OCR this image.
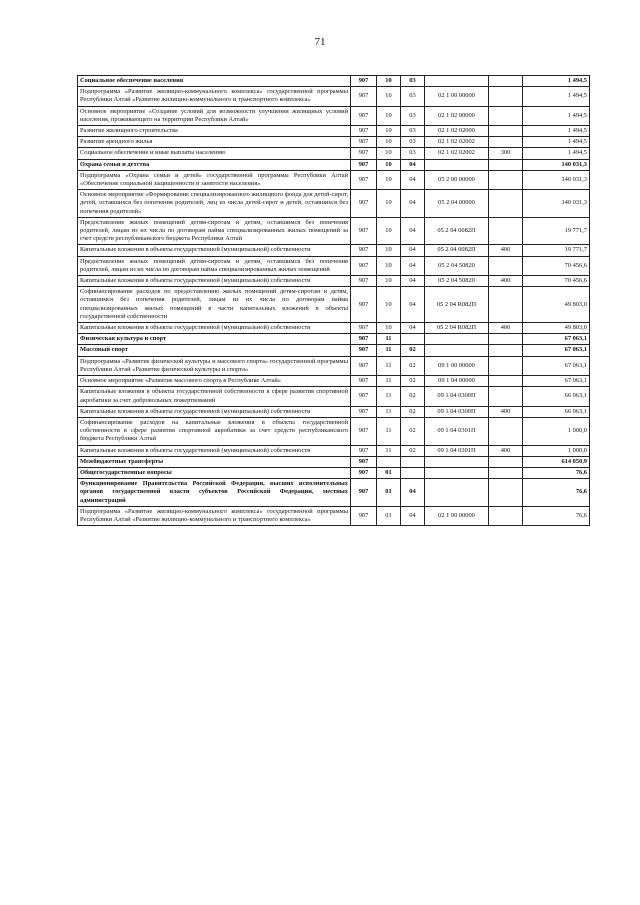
71
Социальное обеспечение населения	907	10	03			1 494,5
Подпрограмма «Развитие жилищно-коммунального комплекса» государственной программы Республики Алтай «Развитие жилищно-коммунального и транспортного комплекса»	907	10	03	02 1 00 00000		1 494,5
Основное мероприятие «Создание условий для возможности улучшения жилищных условий населения, проживающего на территории Республики Алтай»	907	10	03	02 1 02 00000		1 494,5
Развитие жилищного строительства	907	10	03	02 1 02 02000		1 494,5
Развитие арендного жилья	907	10	03	02 1 02 02002		1 494,5
Социальное обеспечение и иные выплаты населению	907	10	03	02 1 02 02002	300	1 494,5
Охрана семьи и детства	907	10	04			140 031,3
Подпрограмма «Охрана семьи и детей» государственной программы Республики Алтай «Обеспечение социальной защищенности и занятости населения»	907	10	04	05 2 00 00000		140 031,3
Основное мероприятие «Формирование специализированного жилищного фонда для детей-сирот, детей, оставшихся без попечения родителей, лиц из числа детей-сирот и детей, оставшихся без попечения родителей»	907	10	04	05 2 04 00000		140 031,3
Предоставление жилых помещений детям-сиротам и детям, оставшимся без попечения родителей, лицам из их числа по договорам найма специализированных жилых помещений за счет средств республиканского бюджета Республики Алтай	907	10	04	05 2 04 0082П		19 771,7
Капитальные вложения в объекты государственной (муниципальной) собственности	907	10	04	05 2 04 0082П	400	19 771,7
Предоставление жилых помещений детям-сиротам и детям, оставшимся без попечения родителей, лицам из их числа по договорам найма специализированных жилых помещений	907	10	04	05 2 04 50820		70 456,6
Капитальные вложения в объекты государственной (муниципальной) собственности	907	10	04	05 2 04 50820	400	70 456,6
Софинансирование расходов по предоставлению жилых помещений детям-сиротам и детям, оставшимся без попечения родителей, лицам из их числа по договорам найма специализированных жилых помещений в части капитальных вложений в объекты государственной собственности	907	10	04	05 2 04 R082П		49 803,0
Капитальные вложения в объекты государственной (муниципальной) собственности	907	10	04	05 2 04 R082П	400	49 803,0
Физическая культура и спорт	907	11				67 063,1
Массовый спорт	907	11	02			67 063,1
Подпрограмма «Развитие физической культуры и массового спорта» государственной программы Республики Алтай «Развитие физической культуры и спорта»	907	11	02	09 1 00 00000		67 063,1
Основное мероприятие «Развитие массового спорта в Республике Алтай»	907	11	02	09 1 04 00000		67 063,1
Капитальные вложения в объекты государственной собственности в сфере развития спортивной акробатики за счет добровольных пожертвований	907	11	02	09 1 04 0300П		66 063,1
Капитальные вложения в объекты государственной (муниципальной) собственности	907	11	02	09 1 04 0300П	400	66 063,1
Софинансирование расходов на капитальные вложения в объекты государственной собственности в сфере развития спортивной акробатики за счет средств республиканского бюджета Республики Алтай	907	11	02	09 1 04 0301П		1 000,0
Капитальные вложения в объекты государственной (муниципальной) собственности	907	11	02	09 1 04 0301П	400	1 000,0
Межбюджетные трансферты	907					614 050,9
Общегосударственные вопросы	907	01				76,6
Функционирование Правительства Российской Федерации, высших исполнительных органов государственной власти субъектов Российской Федерации, местных администраций	907	01	04			76,6
Подпрограмма «Развитие жилищно-коммунального комплекса» государственной программы Республики Алтай «Развитие жилищно-коммунального и транспортного комплекса»	907	01	04	02 1 00 00000		76,6
